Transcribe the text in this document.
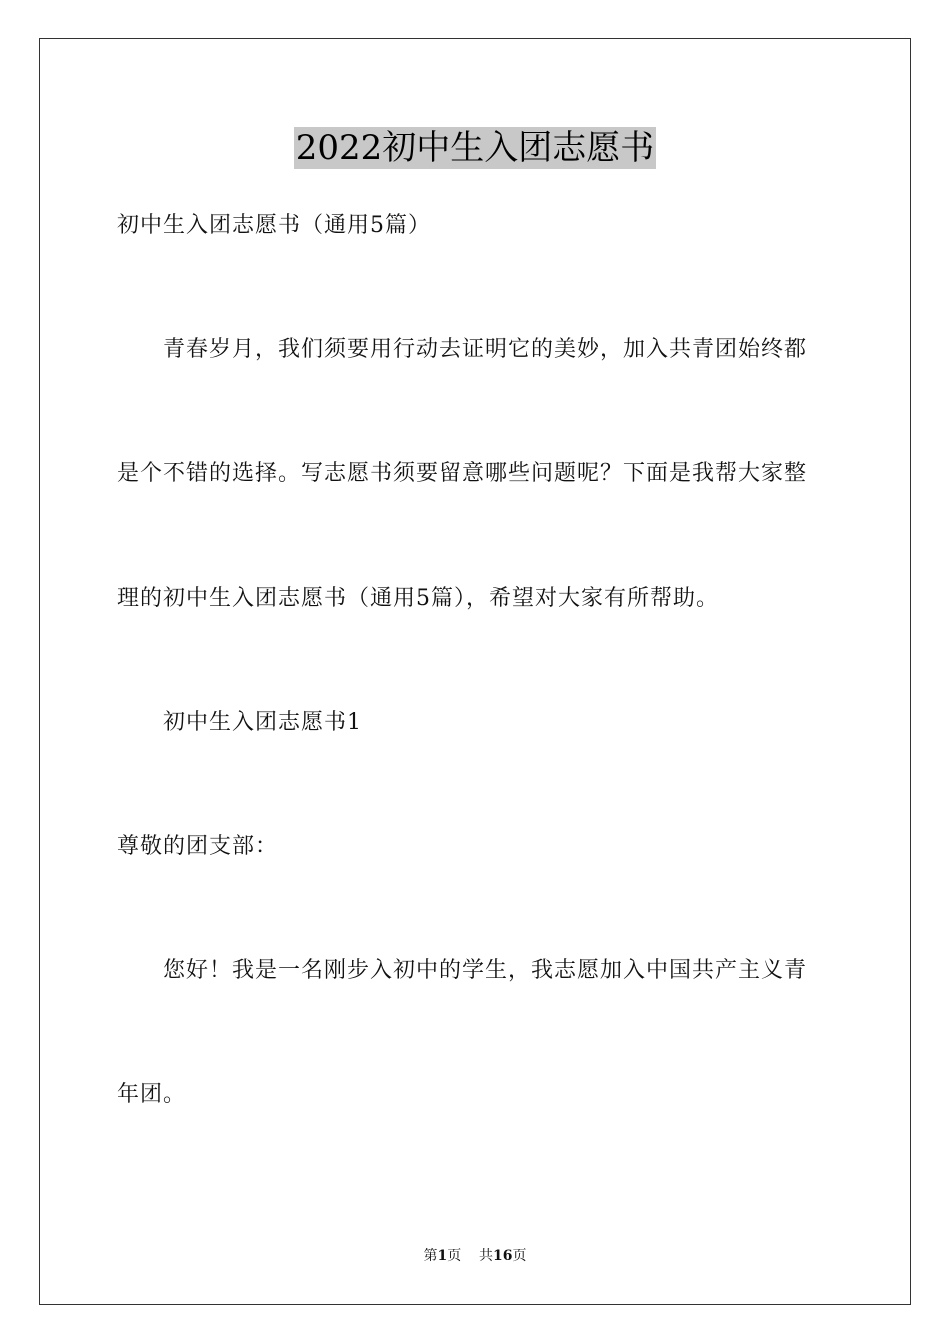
2022初中生入团志愿书
初中生入团志愿书（通用5篇）
青春岁月，我们须要用行动去证明它的美妙，加入共青团始终都
是个不错的选择。写志愿书须要留意哪些问题呢？下面是我帮大家整
理的初中生入团志愿书（通用5篇），希望对大家有所帮助。
初中生入团志愿书1
尊敬的团支部：
您好！我是一名刚步入初中的学生，我志愿加入中国共产主义青
年团。
第1页 共16页
